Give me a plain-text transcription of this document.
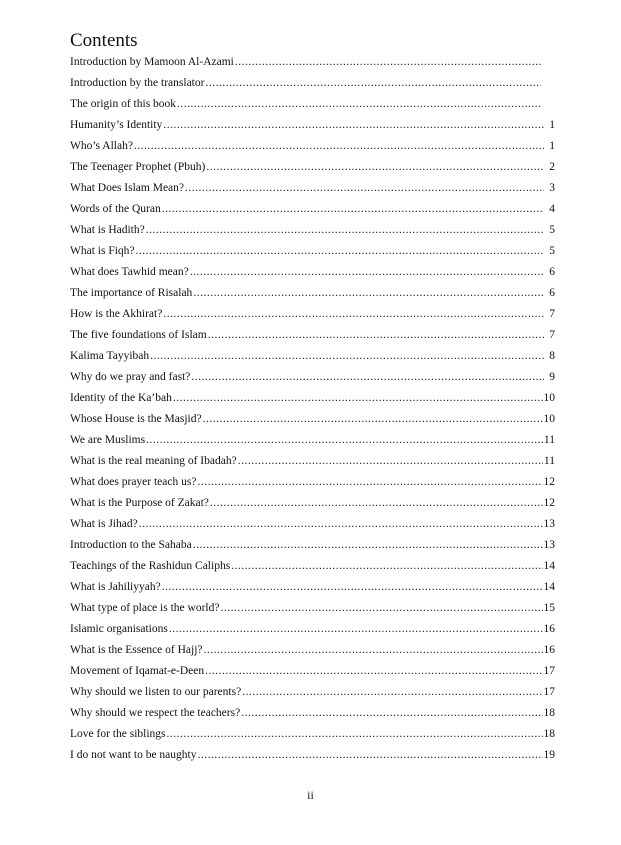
Contents
Introduction by Mamoon Al-Azami
.....
Introduction by the translator
.....
The origin of this book
.....
Humanity’s Identity .....	1
Who’s Allah? .....	1
The Teenager Prophet (Pbuh) .....	2
What Does Islam Mean? .....	3
Words of the Quran .....	4
What is Hadith? .....	5
What is Fiqh? .....	5
What does Tawhid mean? .....	6
The importance of Risalah .....	6
How is the Akhirat? .....	7
The five foundations of Islam .....	7
Kalima Tayyibah .....	8
Why do we pray and fast? .....	9
Identity of the Ka’bah .....	10
Whose House is the Masjid? .....	10
We are Muslims .....	11
What is the real meaning of Ibadah? .....	11
What does prayer teach us? .....	12
What is the Purpose of Zakat? .....	12
What is Jihad? .....	13
Introduction to the Sahaba .....	13
Teachings of the Rashidun Caliphs .....	14
What is Jahiliyyah? .....	14
What type of place is the world? .....	15
Islamic organisations .....	16
What is the Essence of Hajj? .....	16
Movement of Iqamat-e-Deen .....	17
Why should we listen to our parents? .....	17
Why should we respect the teachers? .....	18
Love for the siblings .....	18
I do not want to be naughty .....	19
ii
